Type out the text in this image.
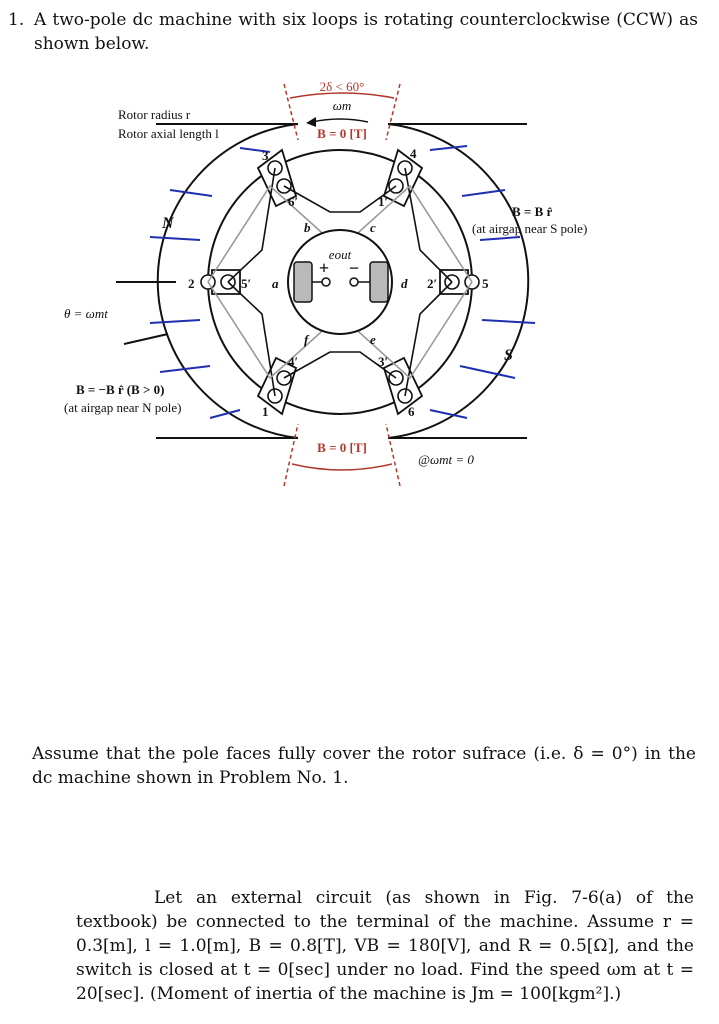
1. A two-pole dc machine with six loops is rotating counterclockwise (CCW) as shown below.
2δ < 60°
ωm
B = 0 [T]
B = 0 [T]
Rotor radius r
Rotor axial length l
B = B r̂
(at airgap near S pole)
B = −B r̂ (B > 0)
(at airgap near N pole)
θ = ωmt
@ωmt = 0
N
S
eout
+ −
1
2
3	4
5
6
1′
2′
3′
4′
5′
6′
a
b	c
d
e
f
Assume that the pole faces fully cover the rotor sufrace (i.e. δ = 0°) in the dc machine shown in Problem No. 1.
Let an external circuit (as shown in Fig. 7-6(a) of the textbook) be connected to the terminal of the machine. Assume r = 0.3[m], l = 1.0[m], B = 0.8[T], VB = 180[V], and R = 0.5[Ω], and the switch is closed at t = 0[sec] under no load. Find the speed ωm at t = 20[sec]. (Moment of inertia of the machine is Jm = 100[kgm²].)
